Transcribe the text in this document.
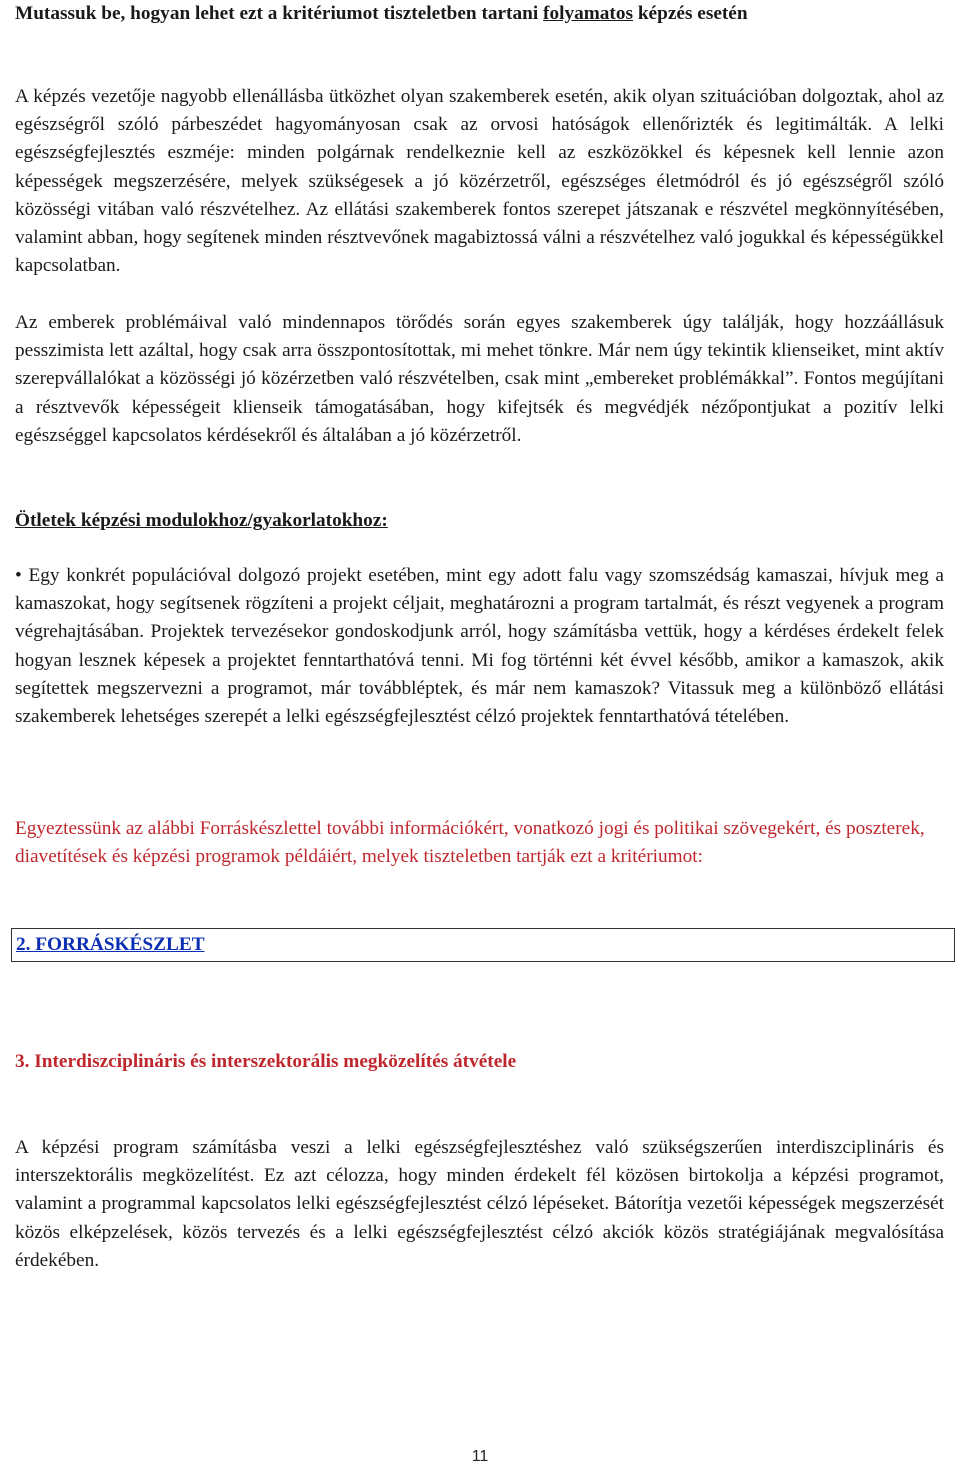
Mutassuk be, hogyan lehet ezt a kritériumot tiszteletben tartani folyamatos képzés esetén

A képzés vezetője nagyobb ellenállásba ütközhet olyan szakemberek esetén, akik olyan szituációban dolgoztak, ahol az egészségről szóló párbeszédet hagyományosan csak az orvosi hatóságok ellenőrizték és legitimálták. A lelki egészségfejlesztés eszméje: minden polgárnak rendelkeznie kell az eszközökkel és képesnek kell lennie azon képességek megszerzésére, melyek szükségesek a jó közérzetről, egészséges életmódról és jó egészségről szóló közösségi vitában való részvételhez. Az ellátási szakemberek fontos szerepet játszanak e részvétel megkönnyítésében, valamint abban, hogy segítenek minden résztvevőnek magabiztossá válni a részvételhez való jogukkal és képességükkel kapcsolatban.

Az emberek problémáival való mindennapos törődés során egyes szakemberek úgy találják, hogy hozzáállásuk pesszimista lett azáltal, hogy csak arra összpontosítottak, mi mehet tönkre. Már nem úgy tekintik klienseiket, mint aktív szerepvállalókat a közösségi jó közérzetben való részvételben, csak mint „embereket problémákkal”. Fontos megújítani a résztvevők képességeit klienseik támogatásában, hogy kifejtsék és megvédjék nézőpontjukat a pozitív lelki egészséggel kapcsolatos kérdésekről és általában a jó közérzetről.

Ötletek képzési modulokhoz/gyakorlatokhoz:

• Egy konkrét populációval dolgozó projekt esetében, mint egy adott falu vagy szomszédság kamaszai, hívjuk meg a kamaszokat, hogy segítsenek rögzíteni a projekt céljait, meghatározni a program tartalmát, és részt vegyenek a program végrehajtásában. Projektek tervezésekor gondoskodjunk arról, hogy számításba vettük, hogy a kérdéses érdekelt felek hogyan lesznek képesek a projektet fenntarthatóvá tenni. Mi fog történni két évvel később, amikor a kamaszok, akik segítettek megszervezni a programot, már továbbléptek, és már nem kamaszok? Vitassuk meg a különböző ellátási szakemberek lehetséges szerepét a lelki egészségfejlesztést célzó projektek fenntarthatóvá tételében.

Egyeztessünk az alábbi Forráskészlettel további információkért, vonatkozó jogi és politikai szövegekért, és poszterek, diavetítések és képzési programok példáiért, melyek tiszteletben tartják ezt a kritériumot:

2. FORRÁSKÉSZLET
3. Interdiszciplináris és interszektorális megközelítés átvétele

A képzési program számításba veszi a lelki egészségfejlesztéshez való szükségszerűen interdiszciplináris és interszektorális megközelítést. Ez azt célozza, hogy minden érdekelt fél közösen birtokolja a képzési programot, valamint a programmal kapcsolatos lelki egészségfejlesztést célzó lépéseket. Bátorítja vezetői képességek megszerzését közös elképzelések, közös tervezés és a lelki egészségfejlesztést célzó akciók közös stratégiájának megvalósítása érdekében.

11
